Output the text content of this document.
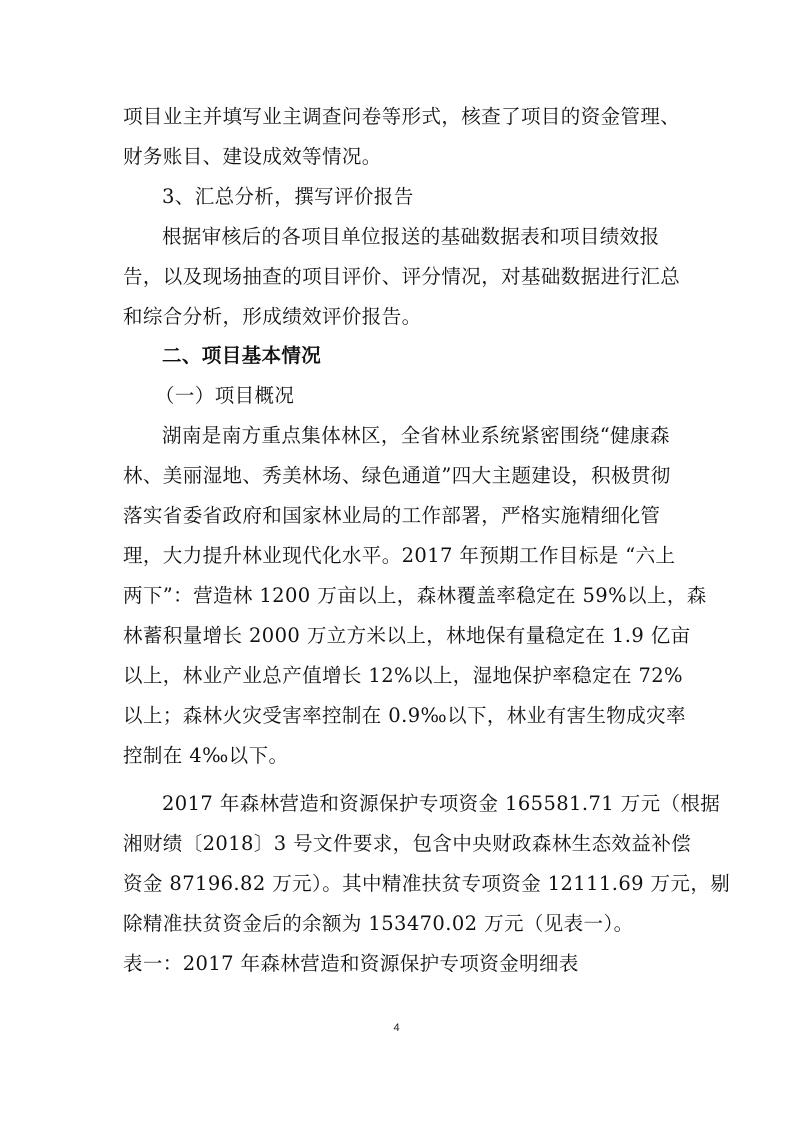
项目业主并填写业主调查问卷等形式，核查了项目的资金管理、
财务账目、建设成效等情况。
3、汇总分析，撰写评价报告
根据审核后的各项目单位报送的基础数据表和项目绩效报
告，以及现场抽查的项目评价、评分情况，对基础数据进行汇总
和综合分析，形成绩效评价报告。
二、项目基本情况
（一）项目概况
湖南是南方重点集体林区，全省林业系统紧密围绕“健康森
林、美丽湿地、秀美林场、绿色通道”四大主题建设，积极贯彻
落实省委省政府和国家林业局的工作部署，严格实施精细化管
理，大力提升林业现代化水平。2017 年预期工作目标是 “六上
两下”：营造林 1200 万亩以上，森林覆盖率稳定在 59%以上，森
林蓄积量增长 2000 万立方米以上，林地保有量稳定在 1.9 亿亩
以上，林业产业总产值增长 12%以上，湿地保护率稳定在 72%
以上；森林火灾受害率控制在 0.9‰以下，林业有害生物成灾率
控制在 4‰以下。
2017 年森林营造和资源保护专项资金 165581.71 万元（根据
湘财绩〔2018〕3 号文件要求，包含中央财政森林生态效益补偿
资金 87196.82 万元）。其中精准扶贫专项资金 12111.69 万元，剔
除精准扶贫资金后的余额为 153470.02 万元（见表一）。
表一：2017 年森林营造和资源保护专项资金明细表
4
